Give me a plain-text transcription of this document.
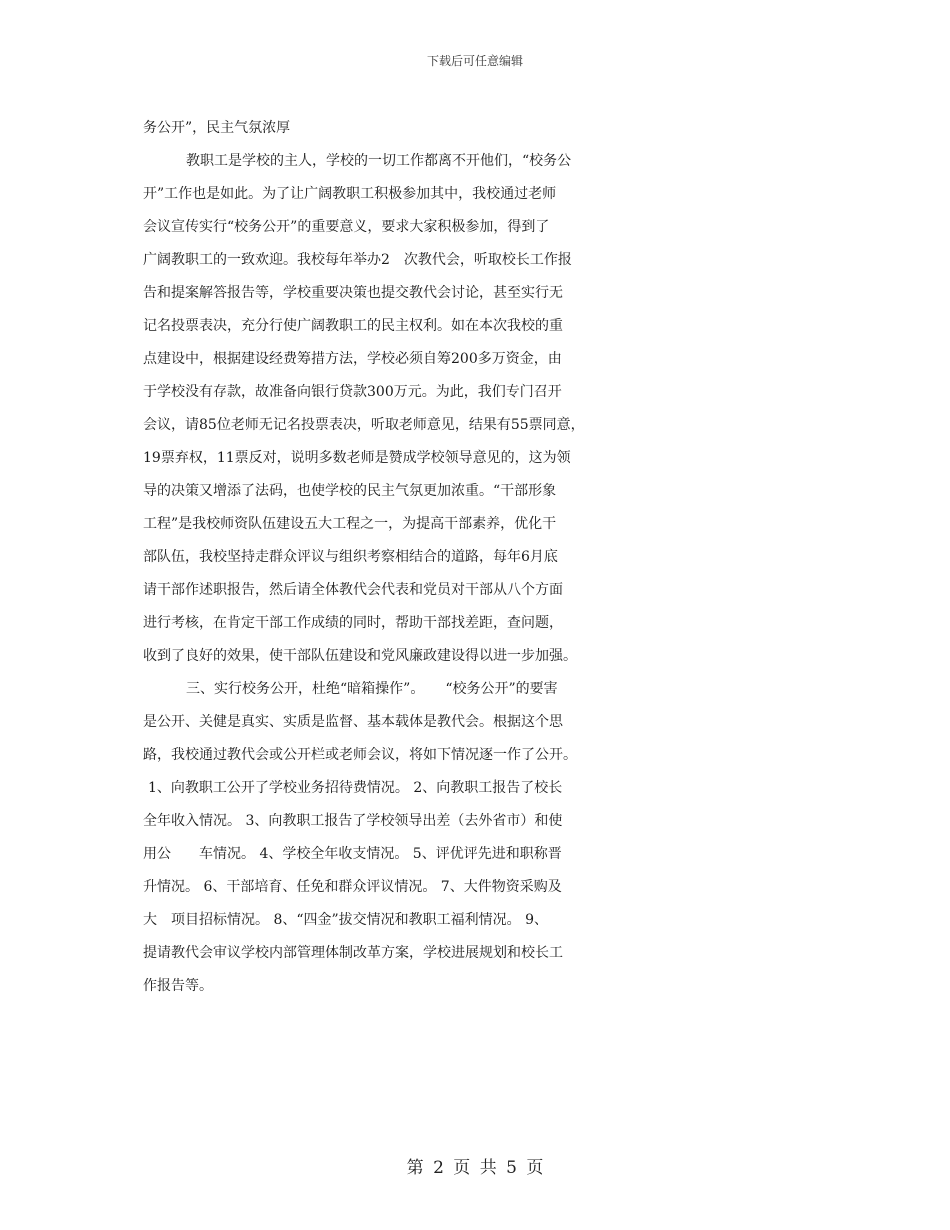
下载后可任意编辑
务公开”，民主气氛浓厚
教职工是学校的主人，学校的一切工作都离不开他们，“校务公
开”工作也是如此。为了让广阔教职工积极参加其中，我校通过老师
会议宣传实行“校务公开”的重要意义，要求大家积极参加，得到了
广阔教职工的一致欢迎。我校每年举办2　次教代会，听取校长工作报
告和提案解答报告等，学校重要决策也提交教代会讨论，甚至实行无
记名投票表决，充分行使广阔教职工的民主权利。如在本次我校的重
点建设中，根据建设经费筹措方法，学校必须自筹200多万资金，由
于学校没有存款，故准备向银行贷款300万元。为此，我们专门召开
会议，请85位老师无记名投票表决，听取老师意见，结果有55票同意，
19票弃权，11票反对，说明多数老师是赞成学校领导意见的，这为领
导的决策又增添了法码，也使学校的民主气氛更加浓重。“干部形象
工程”是我校师资队伍建设五大工程之一，为提高干部素养，优化干
部队伍，我校坚持走群众评议与组织考察相结合的道路，每年6月底
请干部作述职报告，然后请全体教代会代表和党员对干部从八个方面
进行考核，在肯定干部工作成绩的同时，帮助干部找差距，查问题，
收到了良好的效果，使干部队伍建设和党风廉政建设得以进一步加强。
三、实行校务公开，杜绝“暗箱操作”。　　“校务公开”的要害
是公开、关健是真实、实质是监督、基本载体是教代会。根据这个思
路，我校通过教代会或公开栏或老师会议，将如下情况逐一作了公开。
1、向教职工公开了学校业务招待费情况。 2、向教职工报告了校长
全年收入情况。 3、向教职工报告了学校领导出差（去外省市）和使
用公　　车情况。 4、学校全年收支情况。 5、评优评先进和职称晋
升情况。 6、干部培育、任免和群众评议情况。 7、大件物资采购及
大　项目招标情况。 8、“四金”拔交情况和教职工福利情况。 9、
提请教代会审议学校内部管理体制改革方案，学校进展规划和校长工
作报告等。
第 2 页 共 5 页
